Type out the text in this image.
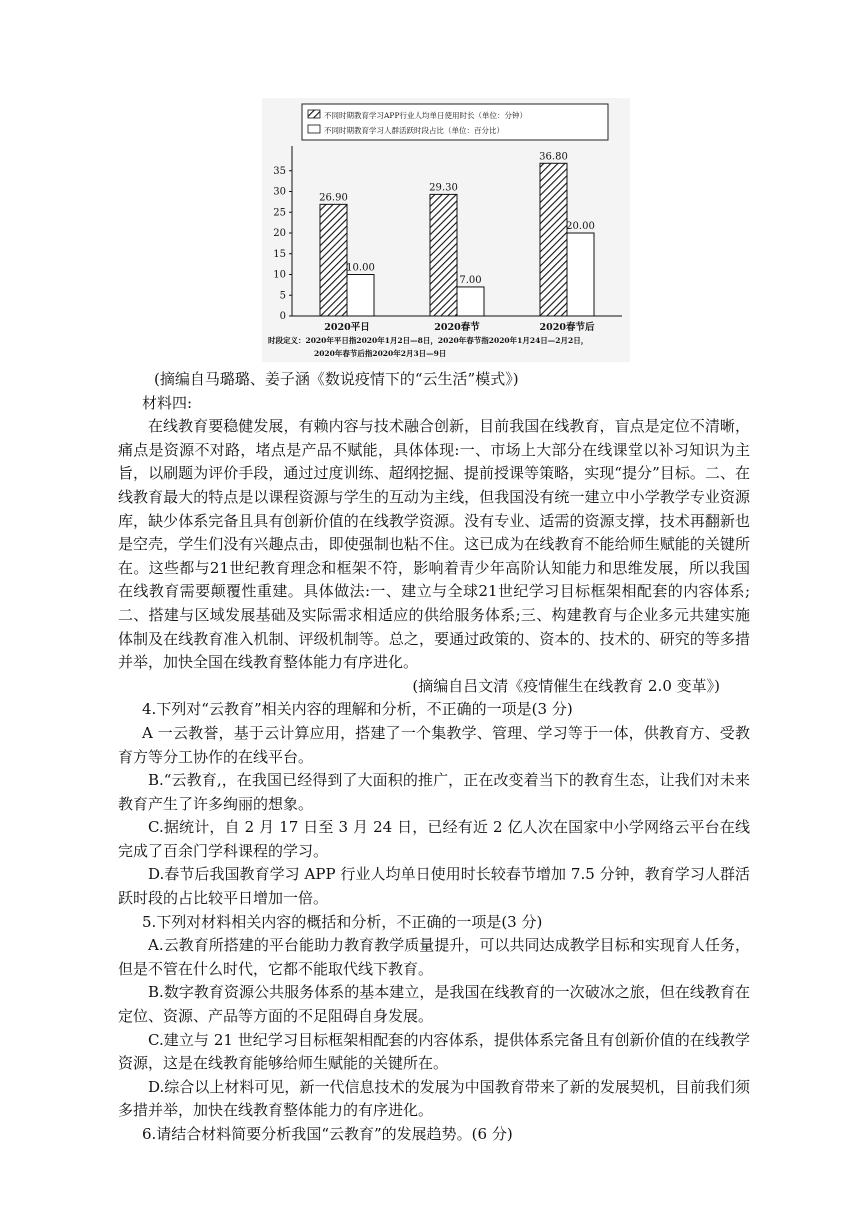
不同时期教育学习APP行业人均单日使用时长（单位：分钟）
不同时期教育学习人群活跃时段占比（单位：百分比）
0
5
10
15
20
25
30
35
26.90
10.00
29.30
7.00
36.80
20.00
2020平日	2020春节	2020春节后
时段定义：2020年平日指2020年1月2日—8日，2020年春节指2020年1月24日—2月2日，
2020年春节后指2020年2月3日—9日

(摘编自马璐璐、姜子涵《数说疫情下的“云生活”模式》)

材料四:

在线教育要稳健发展，有赖内容与技术融合创新，目前我国在线教育，盲点是定位不清晰，痛点是资源不对路，堵点是产品不赋能，具体体现:一、市场上大部分在线课堂以补习知识为主旨，以刷题为评价手段，通过过度训练、超纲挖掘、提前授课等策略，实现“提分”目标。二、在线教育最大的特点是以课程资源与学生的互动为主线，但我国没有统一建立中小学教学专业资源库，缺少体系完备且具有创新价值的在线教学资源。没有专业、适需的资源支撑，技术再翻新也是空壳，学生们没有兴趣点击，即使强制也粘不住。这已成为在线教育不能给师生赋能的关键所在。这些都与21世纪教育理念和框架不符，影响着青少年高阶认知能力和思维发展，所以我国在线教育需要颠覆性重建。具体做法:一、建立与全球21世纪学习目标框架相配套的内容体系;二、搭建与区域发展基础及实际需求相适应的供给服务体系;三、构建教育与企业多元共建实施体制及在线教育准入机制、评级机制等。总之，要通过政策的、资本的、技术的、研究的等多措并举，加快全国在线教育整体能力有序进化。

(摘编自吕文清《疫情催生在线教育 2.0 变革》)

4.下列对“云教育”相关内容的理解和分析，不正确的一项是(3 分)

A 一云教誉，基于云计算应用，搭建了一个集教学、管理、学习等于一体，供教育方、受教育方等分工协作的在线平台。

B.“云教育,，在我国已经得到了大面积的推广，正在改变着当下的教育生态，让我们对未来教育产生了许多绚丽的想象。

C.据统计，自 2 月 17 日至 3 月 24 日，已经有近 2 亿人次在国家中小学网络云平台在线完成了百余门学科课程的学习。

D.春节后我国教育学习 APP 行业人均单日使用时长较春节增加 7.5 分钟，教育学习人群活跃时段的占比较平日增加一倍。

5.下列对材料相关内容的概括和分析，不正确的一项是(3 分)

A.云教育所搭建的平台能助力教育教学质量提升，可以共同达成教学目标和实现育人任务，但是不管在什么时代，它都不能取代线下教育。

B.数字教育资源公共服务体系的基本建立，是我国在线教育的一次破冰之旅，但在线教育在定位、资源、产品等方面的不足阻碍自身发展。

C.建立与 21 世纪学习目标框架相配套的内容体系，提供体系完备且有创新价值的在线教学资源，这是在线教育能够给师生赋能的关键所在。

D.综合以上材料可见，新一代信息技术的发展为中国教育带来了新的发展契机，目前我们须多措并举，加快在线教育整体能力的有序进化。

6.请结合材料简要分析我国“云教育”的发展趋势。(6 分)
